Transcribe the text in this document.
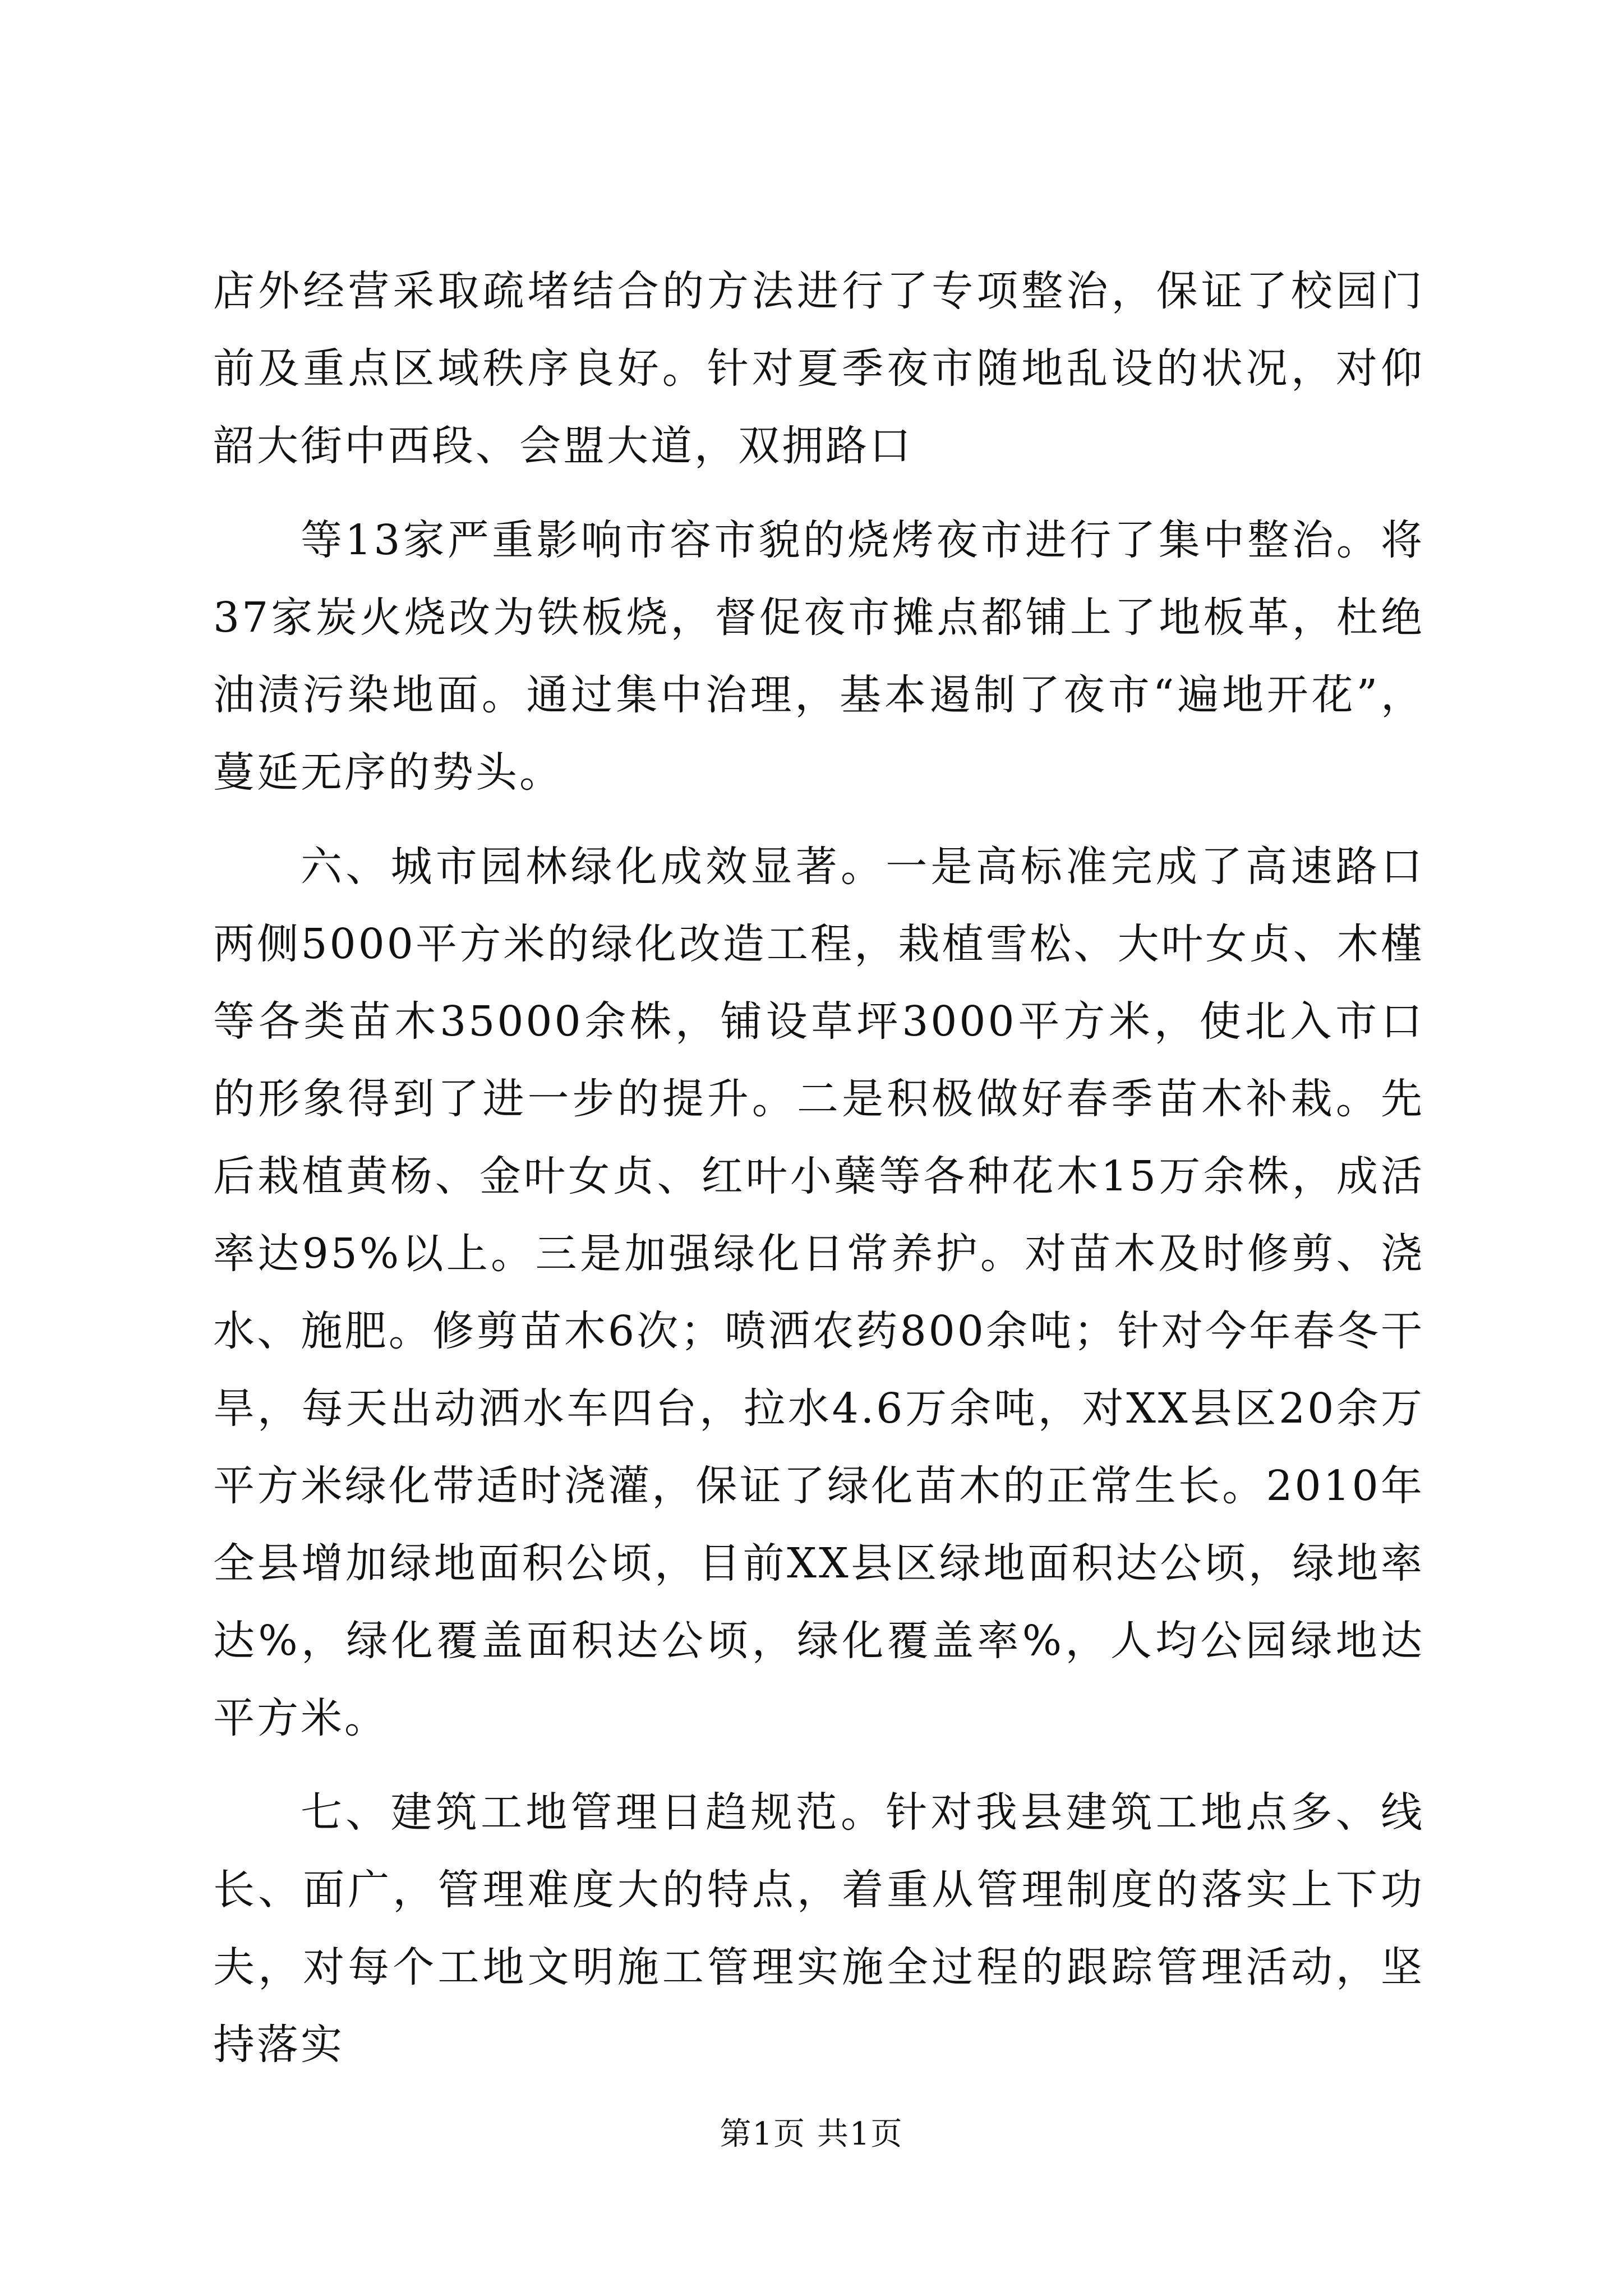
店外经营采取疏堵结合的方法进行了专项整治，保证了校园门前及重点区域秩序良好。针对夏季夜市随地乱设的状况，对仰韶大街中西段、会盟大道，双拥路口

等13家严重影响市容市貌的烧烤夜市进行了集中整治。将37家炭火烧改为铁板烧，督促夜市摊点都铺上了地板革，杜绝油渍污染地面。通过集中治理，基本遏制了夜市“遍地开花”，蔓延无序的势头。

六、城市园林绿化成效显著。一是高标准完成了高速路口两侧5000平方米的绿化改造工程，栽植雪松、大叶女贞、木槿等各类苗木35000余株，铺设草坪3000平方米，使北入市口的形象得到了进一步的提升。二是积极做好春季苗木补栽。先后栽植黄杨、金叶女贞、红叶小蘖等各种花木15万余株，成活率达95%以上。三是加强绿化日常养护。对苗木及时修剪、浇水、施肥。修剪苗木6次；喷洒农药800余吨；针对今年春冬干旱，每天出动洒水车四台，拉水4.6万余吨，对XX县区20余万平方米绿化带适时浇灌，保证了绿化苗木的正常生长。2010年全县增加绿地面积公顷，目前XX县区绿地面积达公顷，绿地率达%，绿化覆盖面积达公顷，绿化覆盖率%，人均公园绿地达平方米。

七、建筑工地管理日趋规范。针对我县建筑工地点多、线长、面广，管理难度大的特点，着重从管理制度的落实上下功夫，对每个工地文明施工管理实施全过程的跟踪管理活动，坚持落实

第1页 共1页
